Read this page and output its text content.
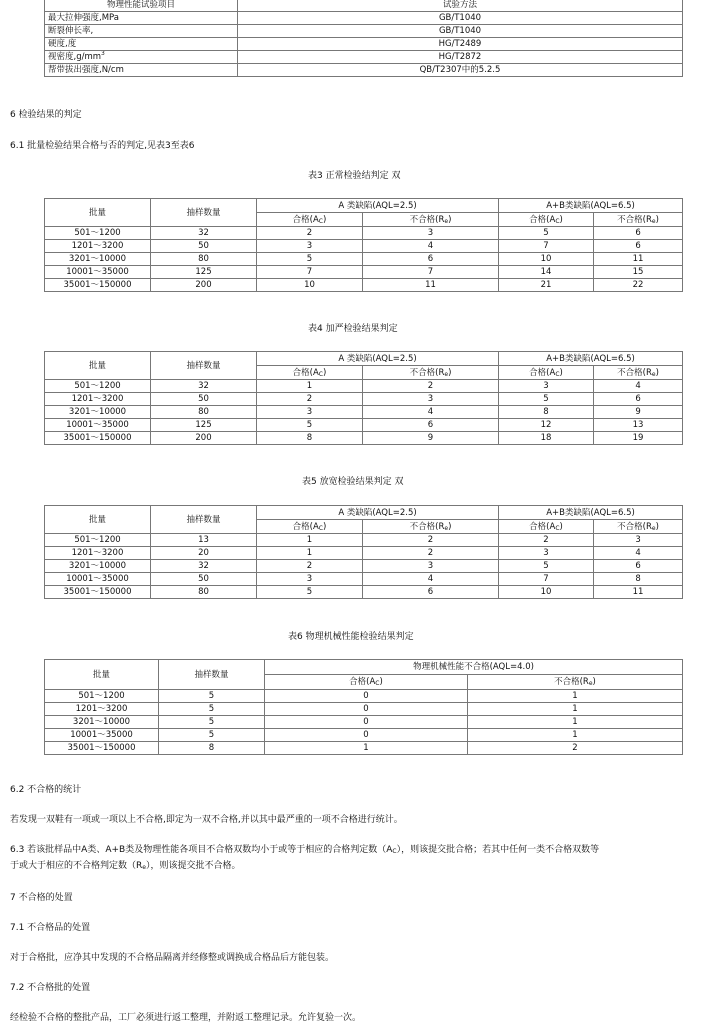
物理性能试验项目	试验方法
最大拉伸强度,MPa	GB/T1040
断裂伸长率,	GB/T1040
硬度,度	HG/T2489
视密度$,g/mm^3$	HG/T2872
帮带拔出强度,N/cm	QB/T2307中的5.2.5
6 检验结果的判定
6.1 批量检验结果合格与否的判定,见表3至表6
表3 正常检验结判定 双
批量	抽样数量	A 类缺陷(AQL=2.5)		A+B类缺陷(AQL=6.5)	
		合格$(A_C)$	不合格$(R_e)$	合格$(A_C)$	不合格$(R_e)$
501～1200	32	2	3	5	6
1201～3200	50	3	4	7	6
3201～10000	80	5	6	10	11
10001～35000	125	7	7	14	15
35001～150000	200	10	11	21	22
表4 加严检验结果判定
批量	抽样数量	A 类缺陷(AQL=2.5)		A+B类缺陷(AQL=6.5)	
		合格$(A_C)$	不合格$(R_e)$	合格$(A_C)$	不合格$(R_e)$
501～1200	32	1	2	3	4
1201～3200	50	2	3	5	6
3201～10000	80	3	4	8	9
10001～35000	125	5	6	12	13
35001～150000	200	8	9	18	19
表5 放宽检验结果判定 双
批量	抽样数量	A 类缺陷(AQL=2.5)		A+B类缺陷(AQL=6.5)	
		合格$(A_C)$	不合格$(R_e)$	合格$(A_C)$	不合格$(R_e)$
501～1200	13	1	2	2	3
1201～3200	20	1	2	3	4
3201～10000	32	2	3	5	6
10001～35000	50	3	4	7	8
35001～150000	80	5	6	10	11
表6 物理机械性能检验结果判定
批量	抽样数量	物理机械性能不合格(AQL=4.0)	
		合格$(A_C)$	不合格$(R_e)$
501～1200	5	0	1
1201～3200	5	0	1
3201～10000	5	0	1
10001～35000	5	0	1
35001～150000	8	1	2
6.2 不合格的统计
若发现一双鞋有一项或一项以上不合格,即定为一双不合格,并以其中最严重的一项不合格进行统计。
6.3 若该批样品中A类、A+B类及物理性能各项目不合格双数均小于或等于相应的合格判定数$(A_C)$，则该提交批合格；若其中任何一类不合格双数等
于或大于相应的不合格判定数$(R_e)$，则该提交批不合格。
7 不合格的处置
7.1 不合格品的处置
对于合格批，应净其中发现的不合格品隔离并经修整或调换成合格品后方能包装。
7.2 不合格批的处置
经检验不合格的整批产品，工厂必须进行返工整理，并附返工整理记录。允许复验一次。
